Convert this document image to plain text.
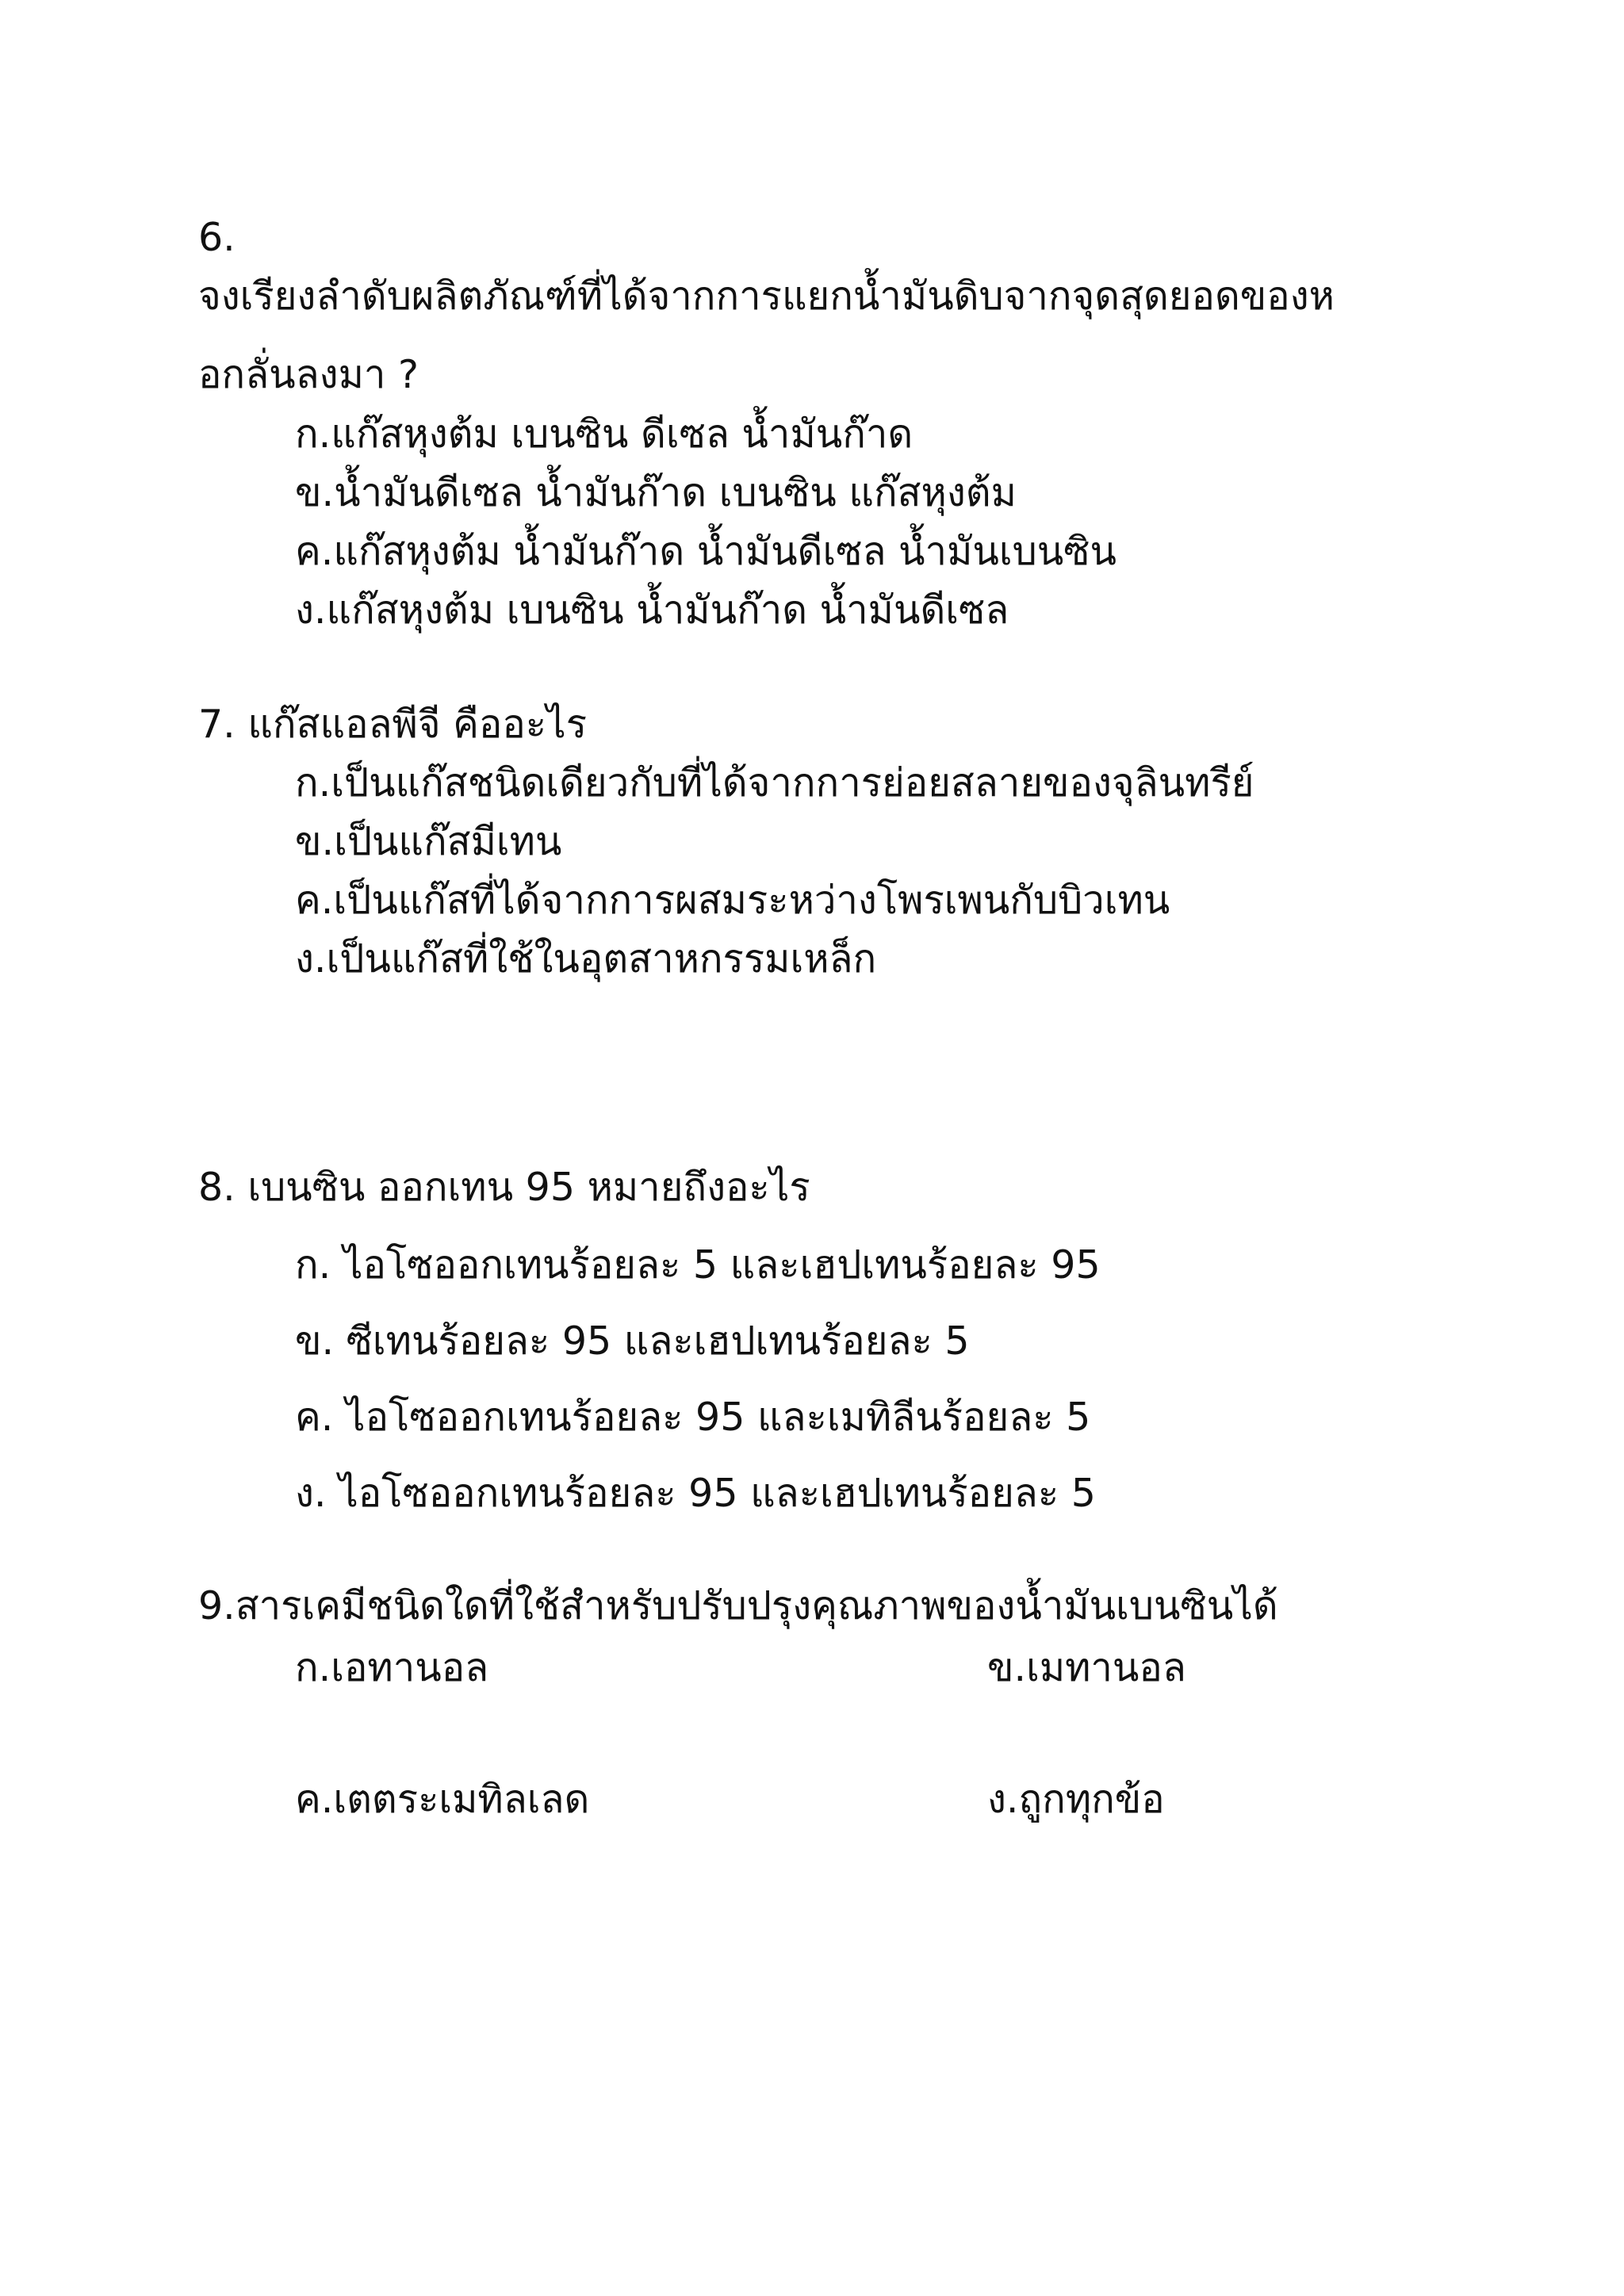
6.
จงเรียงลำดับผลิตภัณฑ์ที่ได้จากการแยกน้ำมันดิบจากจุดสุดยอดของห
อกลั่นลงมา ?
ก.แก๊สหุงต้ม เบนซิน ดีเซล น้ำมันก๊าด
ข.น้ำมันดีเซล น้ำมันก๊าด เบนซิน แก๊สหุงต้ม
ค.แก๊สหุงต้ม น้ำมันก๊าด น้ำมันดีเซล น้ำมันเบนซิน
ง.แก๊สหุงต้ม เบนซิน น้ำมันก๊าด น้ำมันดีเซล
7. แก๊สแอลพีจี คืออะไร
ก.เป็นแก๊สชนิดเดียวกับที่ได้จากการย่อยสลายของจุลินทรีย์
ข.เป็นแก๊สมีเทน
ค.เป็นแก๊สที่ได้จากการผสมระหว่างโพรเพนกับบิวเทน
ง.เป็นแก๊สที่ใช้ในอุตสาหกรรมเหล็ก
8. เบนซิน ออกเทน 95 หมายถึงอะไร
ก. ไอโซออกเทนร้อยละ 5 และเฮปเทนร้อยละ 95
ข. ซีเทนร้อยละ 95 และเฮปเทนร้อยละ 5
ค. ไอโซออกเทนร้อยละ 95 และเมทิลีนร้อยละ 5
ง. ไอโซออกเทนร้อยละ 95 และเฮปเทนร้อยละ 5
9.สารเคมีชนิดใดที่ใช้สำหรับปรับปรุงคุณภาพของน้ำมันเบนซินได้
ก.เอทานอล	ข.เมทานอล
ค.เตตระเมทิลเลด	ง.ถูกทุกข้อ
